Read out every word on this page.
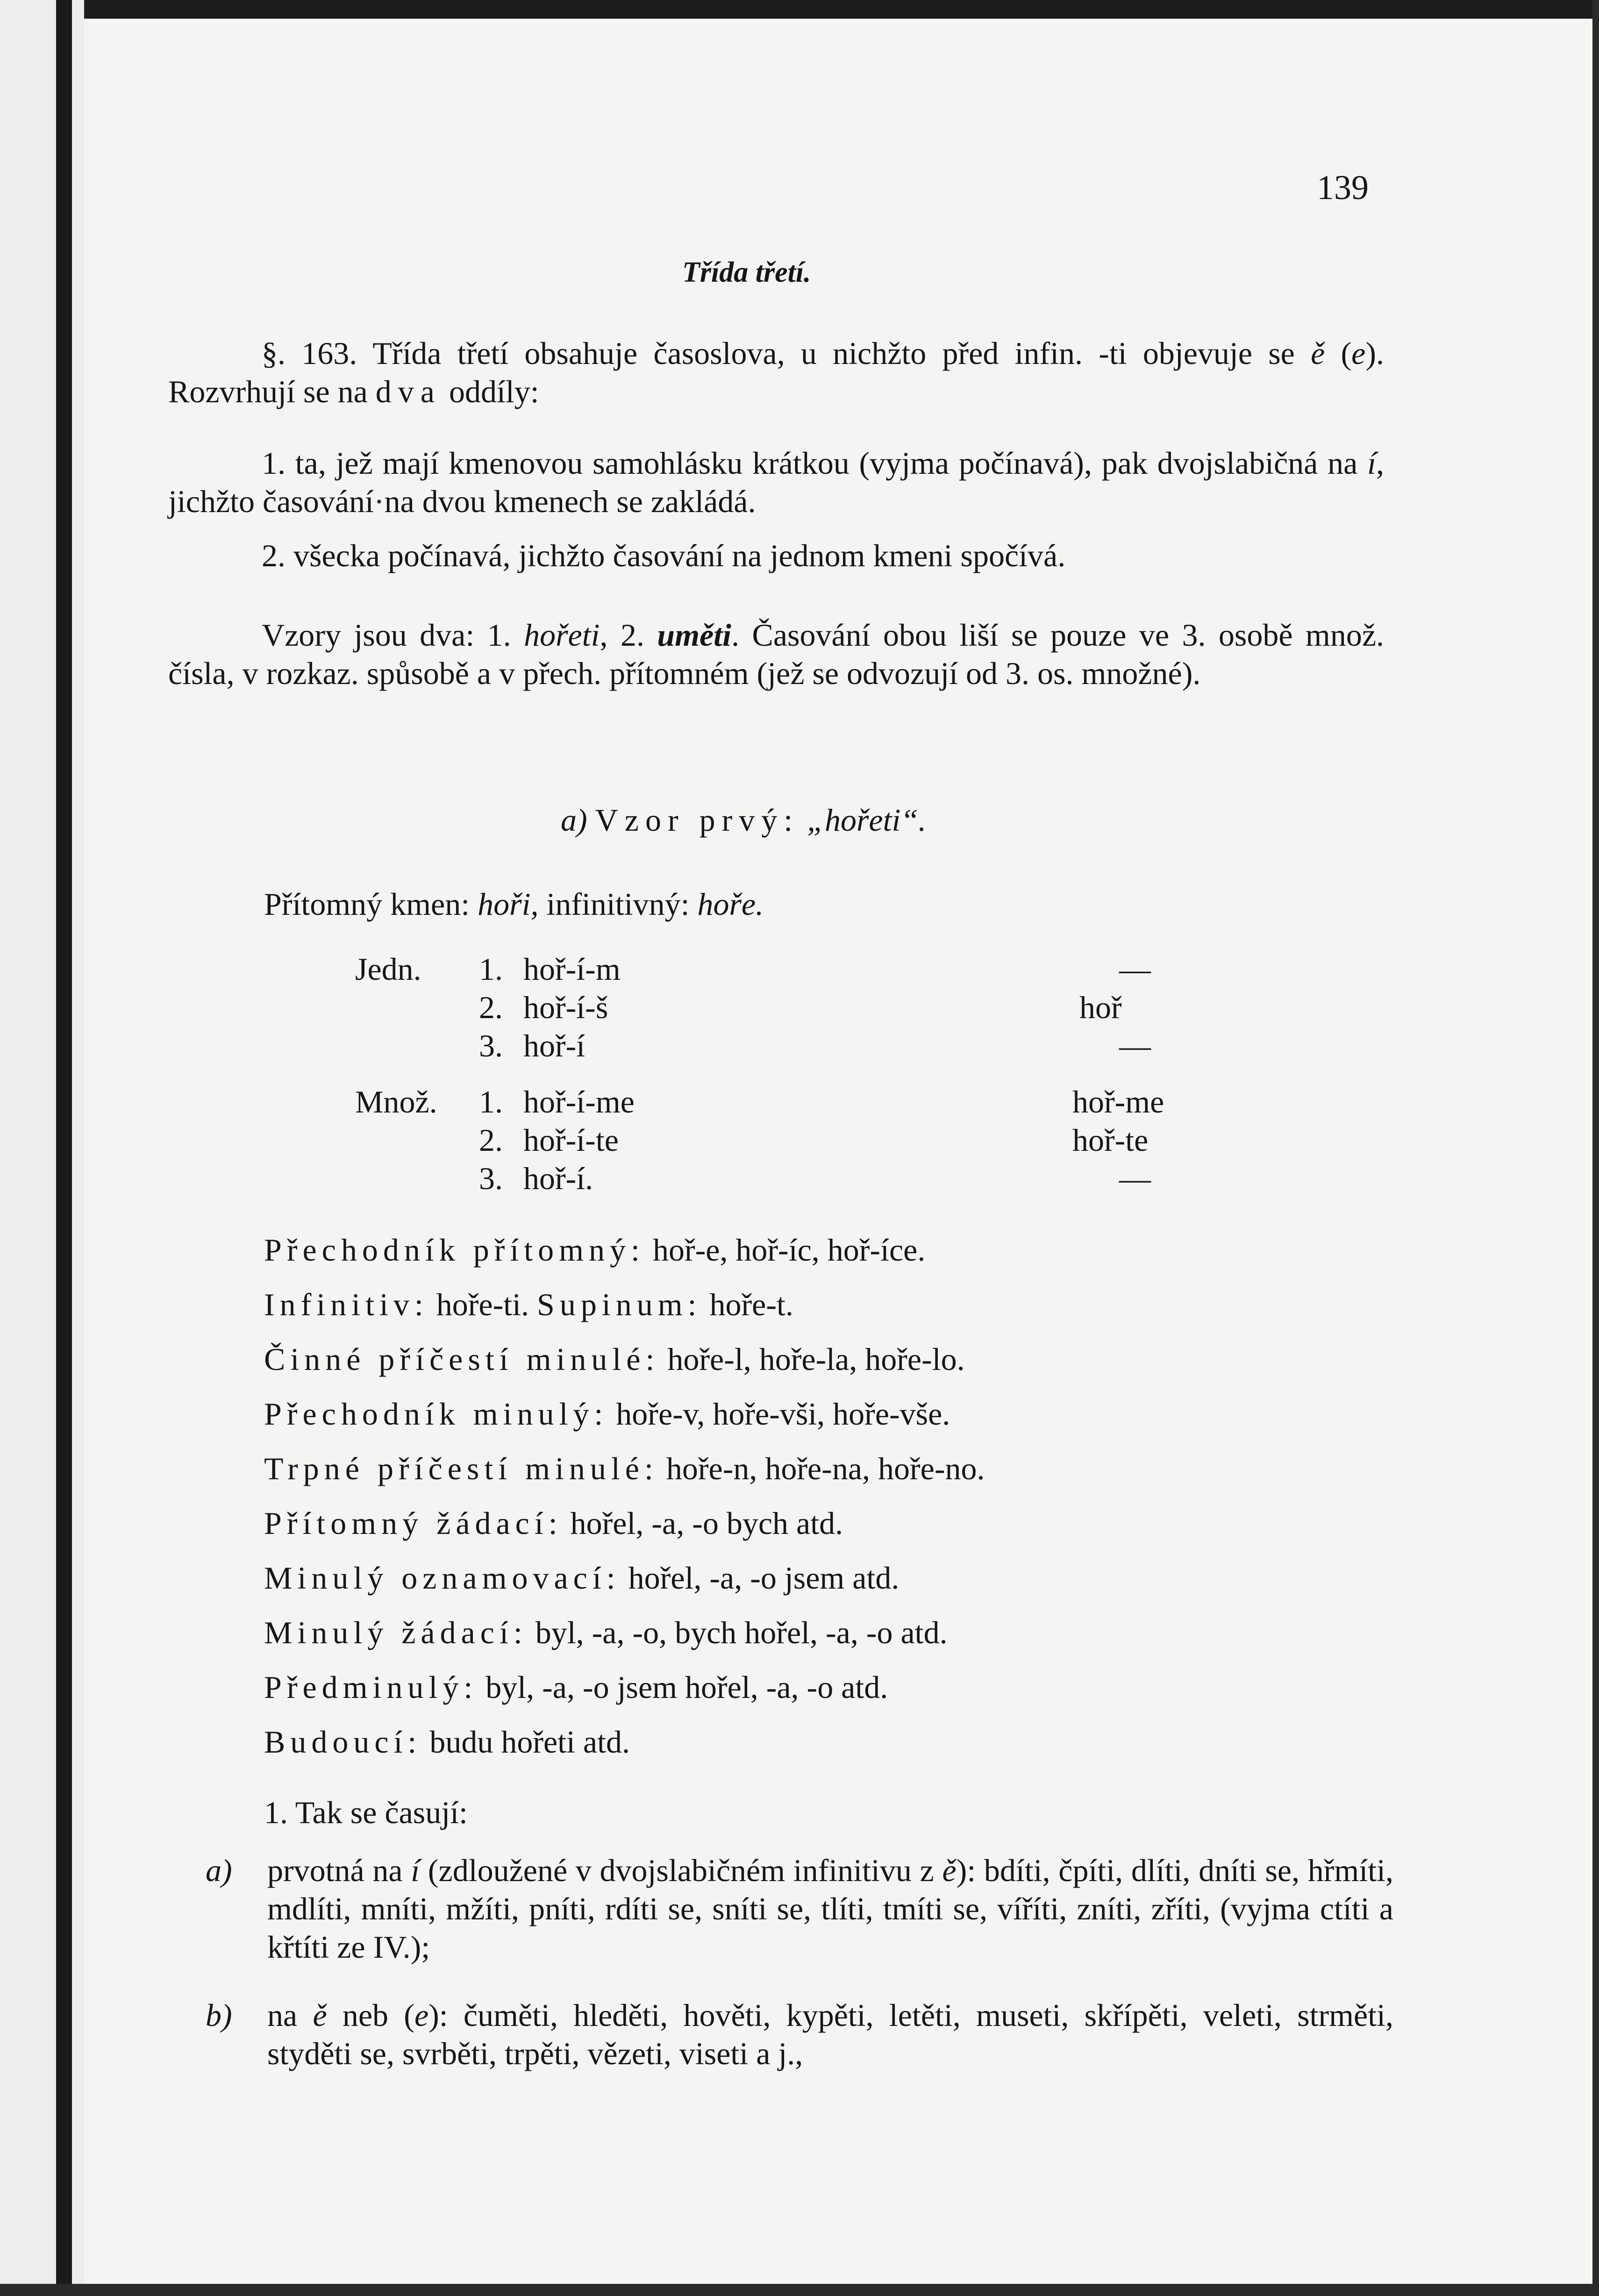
139
Třída třetí.
§. 163. Třída třetí obsahuje časoslova, u nichžto před infin. -ti objevuje se ě (e). Rozvrhují se na dva oddíly:
1. ta, jež mají kmenovou samohlásku krátkou (vyjma počínavá), pak dvojslabičná na í, jichžto časování·na dvou kmenech se zakládá.
2. všecka počínavá, jichžto časování na jednom kmeni spočívá.
Vzory jsou dva: 1. hořeti, 2. uměti. Časování obou liší se pouze ve 3. osobě množ. čísla, v rozkaz. spůsobě a v přech. přítomném (jež se odvozují od 3. os. množné).
a) Vzor prvý: „hořeti“.
Přítomný kmen: hoři, infinitivný: hoře.
Jedn.	1. hoř-í-m	—
2. hoř-í-š	hoř
3. hoř-í	—
Množ.	1. hoř-í-me	hoř-me
2. hoř-í-te	hoř-te
3. hoř-í.	—
Přechodník přítomný: hoř-e, hoř-íc, hoř-íce.
Infinitiv: hoře-ti. Supinum: hoře-t.
Činné příčestí minulé: hoře-l, hoře-la, hoře-lo.
Přechodník minulý: hoře-v, hoře-vši, hoře-vše.
Trpné příčestí minulé: hoře-n, hoře-na, hoře-no.
Přítomný žádací: hořel, -a, -o bych atd.
Minulý oznamovací: hořel, -a, -o jsem atd.
Minulý žádací: byl, -a, -o, bych hořel, -a, -o atd.
Předminulý: byl, -a, -o jsem hořel, -a, -o atd.
Budoucí: budu hořeti atd.
1. Tak se časují:
a)	prvotná na í (zdloužené v dvojslabičném infinitivu z ě): bdíti, čpíti, dlíti, dníti se, hřmíti, mdlíti, mníti, mžíti, pníti, rdíti se, sníti se, tlíti, tmíti se, víříti, zníti, zříti, (vyjma ctíti a křtíti ze IV.);
b)	na ě neb (e): čuměti, hleděti, hověti, kypěti, letěti, museti, skřípěti, veleti, strměti, styděti se, svrběti, trpěti, vězeti, viseti a j.,
